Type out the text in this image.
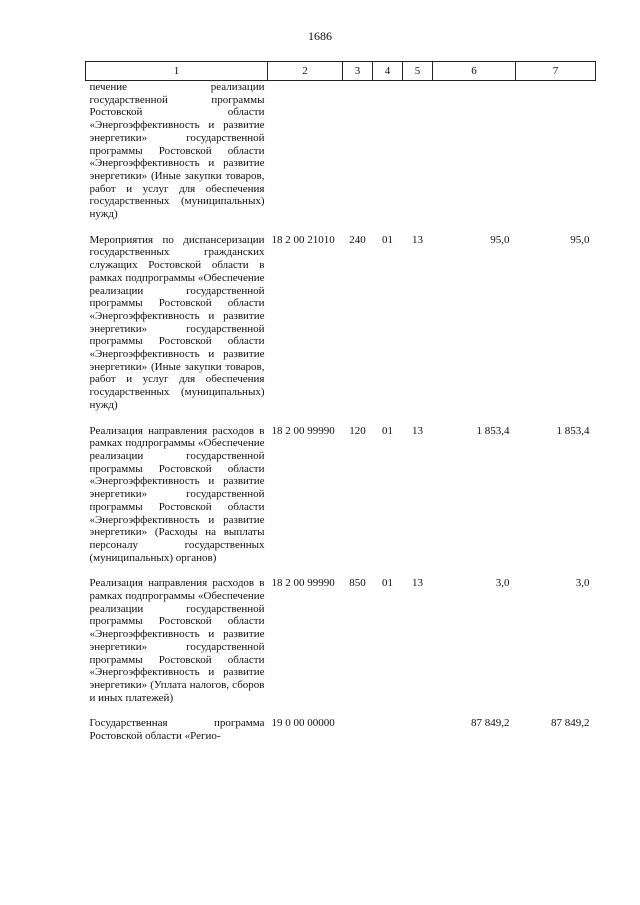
1686
1	2	3	4	5	6	7
печение реализации государственной программы Ростовской области «Энергоэффективность и развитие энергетики» государственной программы Ростовской области «Энергоэффективность и развитие энергетики» (Иные закупки товаров, работ и услуг для обеспечения государственных (муниципальных) нужд)						
Мероприятия по диспансеризации государственных гражданских служащих Ростовской области в рамках подпрограммы «Обеспечение реализации государственной программы Ростовской области «Энергоэффективность и развитие энергетики» государственной программы Ростовской области «Энергоэффективность и развитие энергетики» (Иные закупки товаров, работ и услуг для обеспечения государственных (муниципальных) нужд)	18 2 00 21010	240	01	13	95,0	95,0
Реализация направления расходов в рамках подпрограммы «Обеспечение реализации государственной программы Ростовской области «Энергоэффективность и развитие энергетики» государственной программы Ростовской области «Энергоэффективность и развитие энергетики» (Расходы на выплаты персоналу государственных (муниципальных) органов)	18 2 00 99990	120	01	13	1 853,4	1 853,4
Реализация направления расходов в рамках подпрограммы «Обеспечение реализации государственной программы Ростовской области «Энергоэффективность и развитие энергетики» государственной программы Ростовской области «Энергоэффективность и развитие энергетики» (Уплата налогов, сборов и иных платежей)	18 2 00 99990	850	01	13	3,0	3,0
Государственная программа Ростовской области «Регио-	19 0 00 00000				87 849,2	87 849,2
